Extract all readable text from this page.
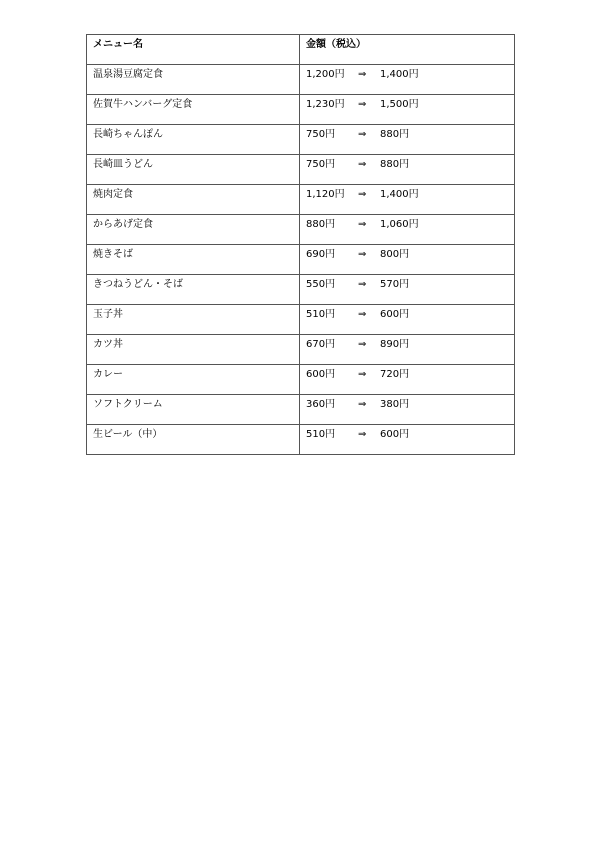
メニュー名	金額（税込）
温泉湯豆腐定食	1,200円 ⇒ 1,400円
佐賀牛ハンバーグ定食	1,230円 ⇒ 1,500円
長崎ちゃんぽん	750円 ⇒ 880円
長崎皿うどん	750円 ⇒ 880円
焼肉定食	1,120円 ⇒ 1,400円
からあげ定食	880円 ⇒ 1,060円
焼きそば	690円 ⇒ 800円
きつねうどん・そば	550円 ⇒ 570円
玉子丼	510円 ⇒ 600円
カツ丼	670円 ⇒ 890円
カレー	600円 ⇒ 720円
ソフトクリーム	360円 ⇒ 380円
生ビール（中）	510円 ⇒ 600円
